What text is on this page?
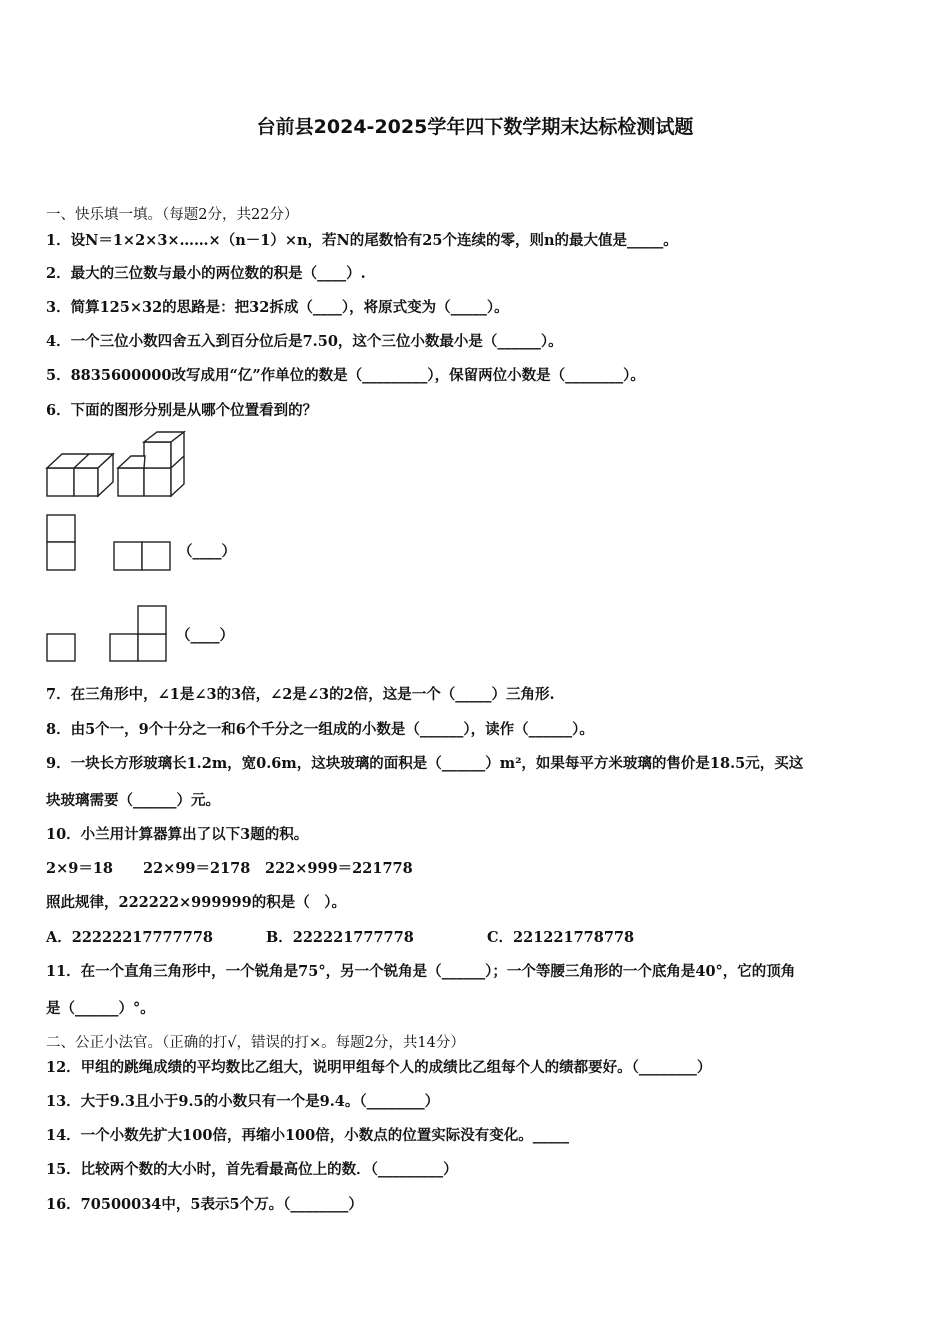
台前县2024-2025学年四下数学期末达标检测试题
一、快乐填一填。（每题2分，共22分）
1．设N＝1×2×3×……×（n－1）×n，若N的尾数恰有25个连续的零，则n的最大值是_____。
2．最大的三位数与最小的两位数的积是（____）.
3．简算125×32的思路是：把32拆成（____），将原式变为（_____）。
4．一个三位小数四舍五入到百分位后是7.50，这个三位小数最小是（______）。
5．8835600000改写成用“亿”作单位的数是（_________），保留两位小数是（________）。
6．下面的图形分别是从哪个位置看到的？
（____）
（____）
7．在三角形中，∠1是∠3的3倍，∠2是∠3的2倍，这是一个（_____）三角形.
8．由5个一，9个十分之一和6个千分之一组成的小数是（______），读作（______）。
9．一块长方形玻璃长1.2m，宽0.6m，这块玻璃的面积是（______）m²，如果每平方米玻璃的售价是18.5元，买这
块玻璃需要（______）元。
10．小兰用计算器算出了以下3题的积。
2×9＝18 22×99＝2178 222×999＝221778
照此规律，222222×999999的积是（　）。
A．22222217777778	B．222221777778	C．221221778778
11．在一个直角三角形中，一个锐角是75°，另一个锐角是（______）；一个等腰三角形的一个底角是40°，它的顶角
是（______）°。
二、公正小法官。（正确的打√，错误的打×。每题2分，共14分）
12．甲组的跳绳成绩的平均数比乙组大，说明甲组每个人的成绩比乙组每个人的绩都要好。（________）
13．大于9.3且小于9.5的小数只有一个是9.4。（________）
14．一个小数先扩大100倍，再缩小100倍，小数点的位置实际没有变化。_____
15．比较两个数的大小时，首先看最高位上的数．（_________）
16．70500034中，5表示5个万。（________）
